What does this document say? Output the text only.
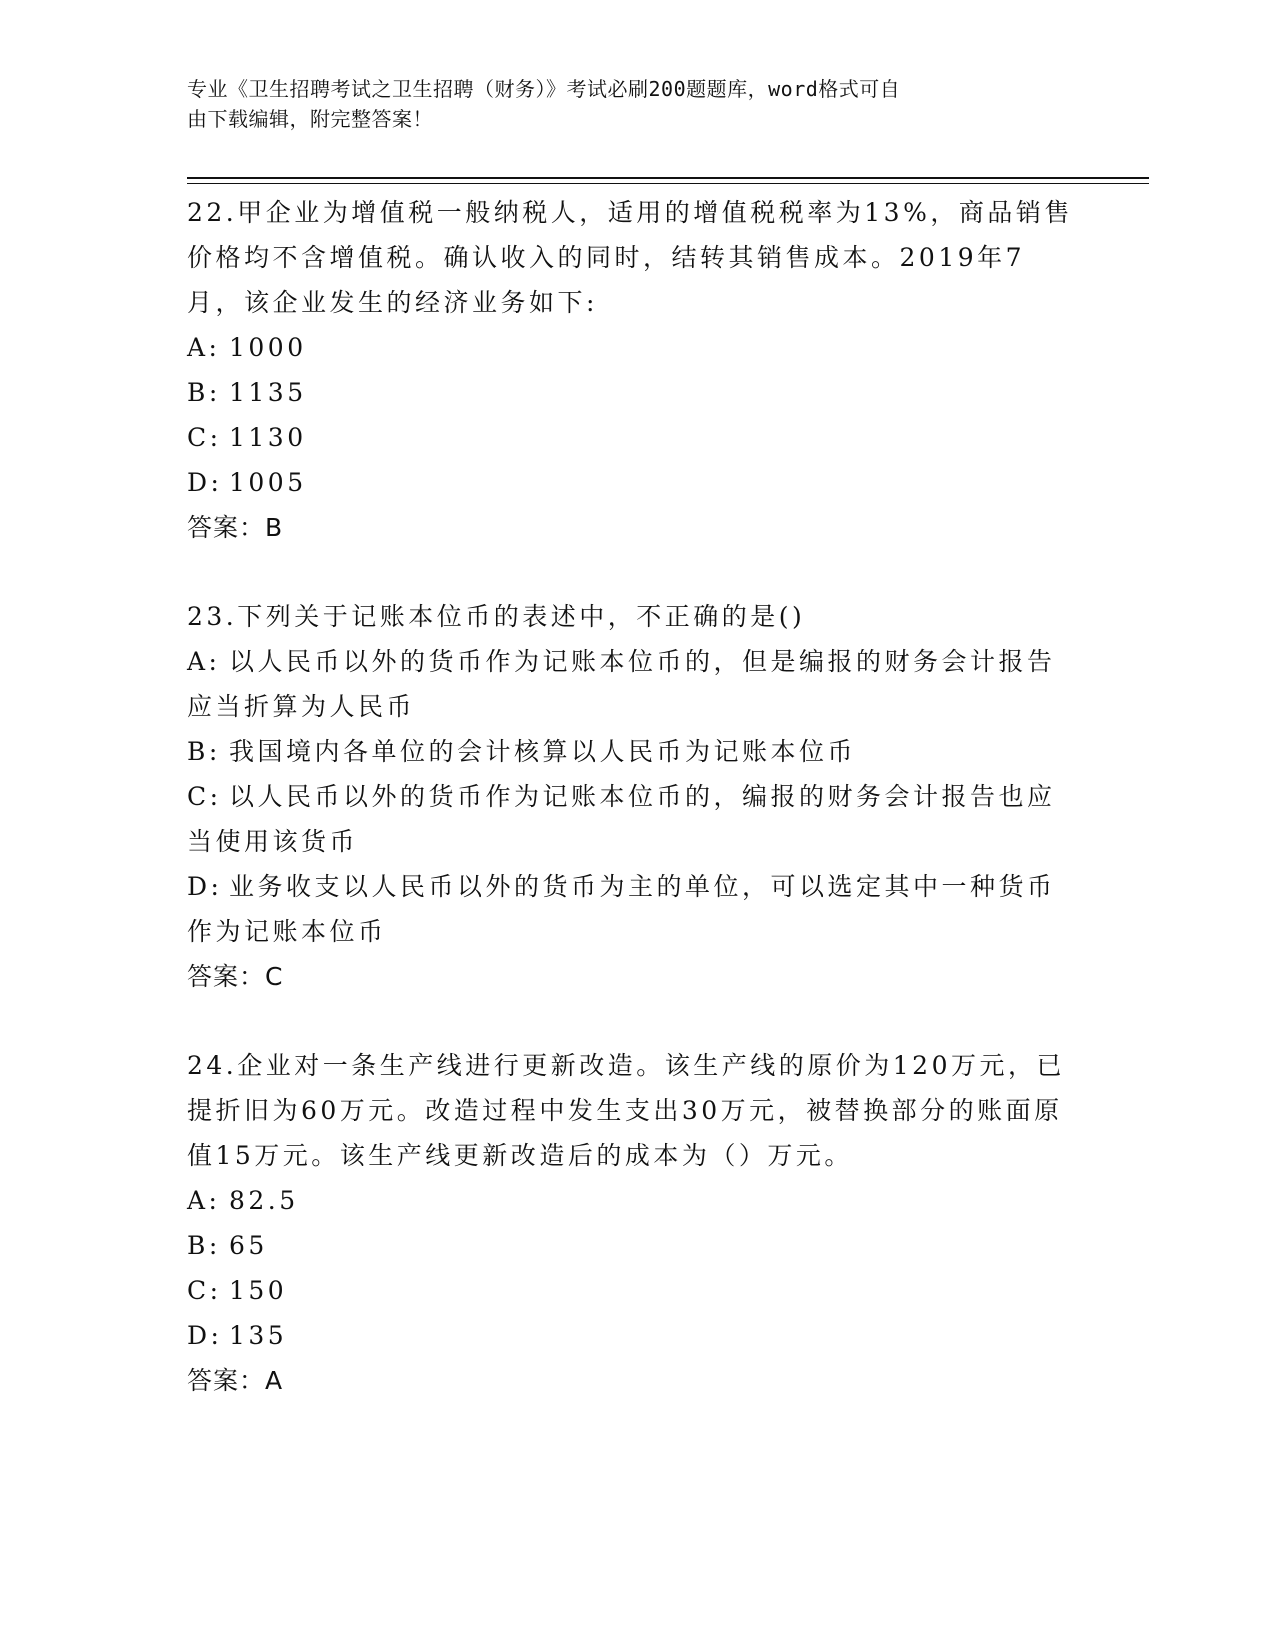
专业《卫生招聘考试之卫生招聘（财务）》考试必刷200题题库，word格式可自
由下载编辑，附完整答案！

22.甲企业为增值税一般纳税人，适用的增值税税率为13%，商品销售价格均不含增值税。确认收入的同时，结转其销售成本。2019年7月，该企业发生的经济业务如下:

A: 1000

B: 1135

C: 1130

D: 1005

答案：B

23.下列关于记账本位币的表述中，不正确的是()

A: 以人民币以外的货币作为记账本位币的，但是编报的财务会计报告应当折算为人民币

B: 我国境内各单位的会计核算以人民币为记账本位币

C: 以人民币以外的货币作为记账本位币的，编报的财务会计报告也应当使用该货币

D: 业务收支以人民币以外的货币为主的单位，可以选定其中一种货币作为记账本位币

答案：C

24.企业对一条生产线进行更新改造。该生产线的原价为120万元，已提折旧为60万元。改造过程中发生支出30万元，被替换部分的账面原值15万元。该生产线更新改造后的成本为（）万元。

A: 82.5

B: 65

C: 150

D: 135

答案：A
